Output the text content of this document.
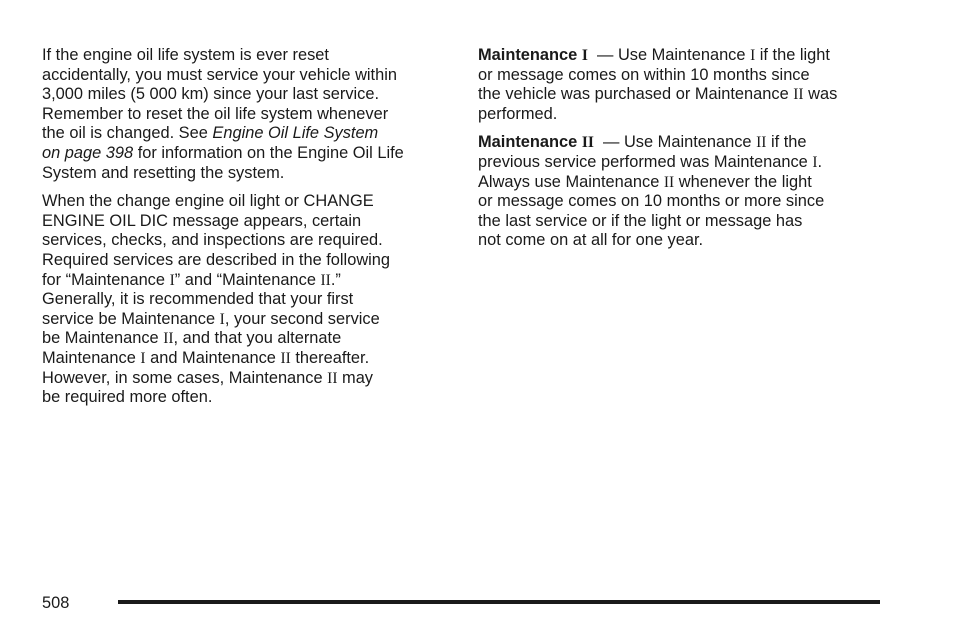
If the engine oil life system is ever reset
accidentally, you must service your vehicle within
3,000 miles (5 000 km) since your last service.
Remember to reset the oil life system whenever
the oil is changed. See Engine Oil Life System
on page 398 for information on the Engine Oil Life
System and resetting the system.

When the change engine oil light or CHANGE
ENGINE OIL DIC message appears, certain
services, checks, and inspections are required.
Required services are described in the following
for “Maintenance I” and “Maintenance II.”
Generally, it is recommended that your first
service be Maintenance I, your second service
be Maintenance II, and that you alternate
Maintenance I and Maintenance II thereafter.
However, in some cases, Maintenance II may
be required more often.

Maintenance I  — Use Maintenance I if the light
or message comes on within 10 months since
the vehicle was purchased or Maintenance II was
performed.

Maintenance II  — Use Maintenance II if the
previous service performed was Maintenance I.
Always use Maintenance II whenever the light
or message comes on 10 months or more since
the last service or if the light or message has
not come on at all for one year.

508
